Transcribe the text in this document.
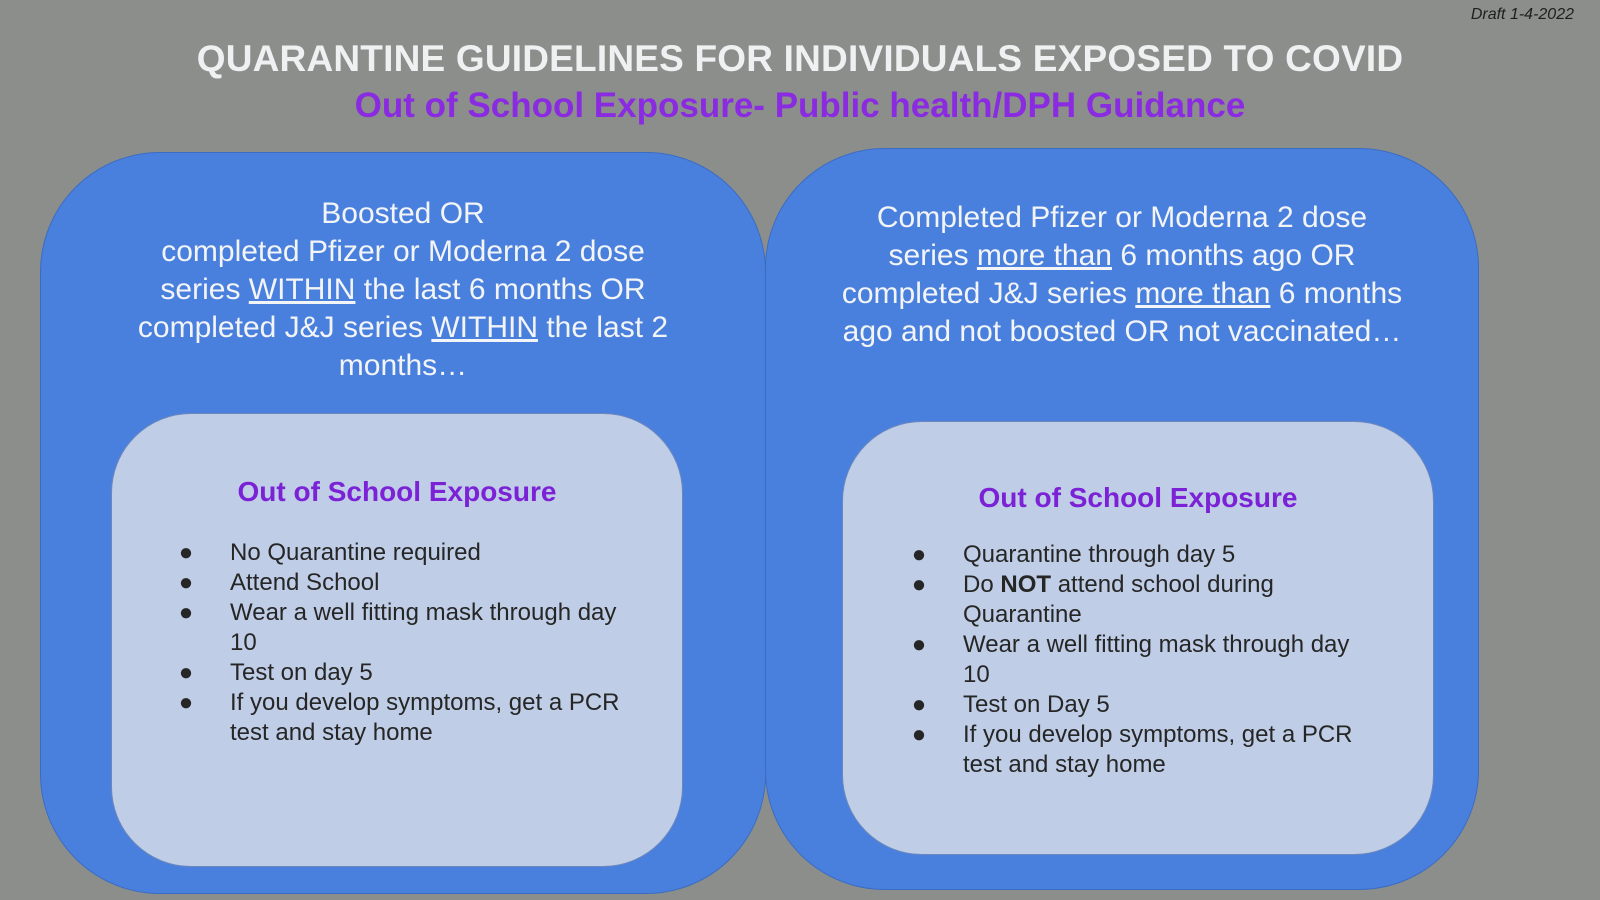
Draft 1-4-2022
QUARANTINE GUIDELINES FOR INDIVIDUALS EXPOSED TO COVID
Out of School Exposure- Public health/DPH Guidance
Boosted OR
completed Pfizer or Moderna 2 dose
series WITHIN the last 6 months OR
completed J&J series WITHIN the last 2
months…
Out of School Exposure
● No Quarantine required
● Attend School
● Wear a well fitting mask through day 10
● Test on day 5
● If you develop symptoms, get a PCR test and stay home
Completed Pfizer or Moderna 2 dose
series more than 6 months ago OR
completed J&J series more than 6 months
ago and not boosted OR not vaccinated…
Out of School Exposure
● Quarantine through day 5
● Do NOT attend school during Quarantine
● Wear a well fitting mask through day 10
● Test on Day 5
● If you develop symptoms, get a PCR test and stay home
